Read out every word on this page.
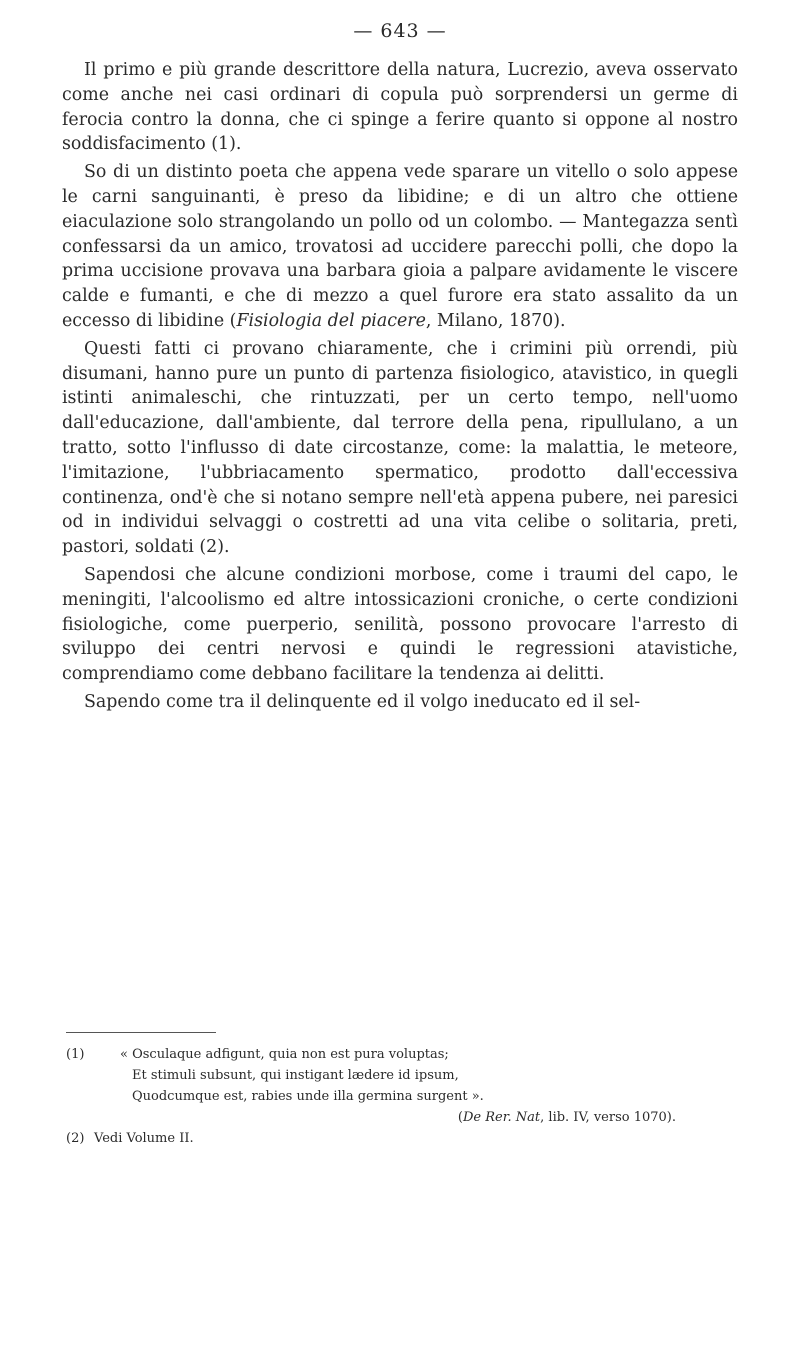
— 643 —

Il primo e più grande descrittore della natura, Lucrezio, aveva osservato come anche nei casi ordinari di copula può sorprendersi un germe di ferocia contro la donna, che ci spinge a ferire quanto si oppone al nostro soddisfacimento (1).

So di un distinto poeta che appena vede sparare un vitello o solo appese le carni sanguinanti, è preso da libidine; e di un altro che ottiene eiaculazione solo strangolando un pollo od un colombo. — Mantegazza sentì confessarsi da un amico, trovatosi ad uccidere parecchi polli, che dopo la prima uccisione provava una barbara gioia a palpare avidamente le viscere calde e fumanti, e che di mezzo a quel furore era stato assalito da un eccesso di libidine (Fisiologia del piacere, Milano, 1870).

Questi fatti ci provano chiaramente, che i crimini più orrendi, più disumani, hanno pure un punto di partenza fisiologico, atavistico, in quegli istinti animaleschi, che rintuzzati, per un certo tempo, nell'uomo dall'educazione, dall'ambiente, dal terrore della pena, ripullulano, a un tratto, sotto l'influsso di date circostanze, come: la malattia, le meteore, l'imitazione, l'ubbriacamento spermatico, prodotto dall'eccessiva continenza, ond'è che si notano sempre nell'età appena pubere, nei paresici od in individui selvaggi o costretti ad una vita celibe o solitaria, preti, pastori, soldati (2).

Sapendosi che alcune condizioni morbose, come i traumi del capo, le meningiti, l'alcoolismo ed altre intossicazioni croniche, o certe condizioni fisiologiche, come puerperio, senilità, possono provocare l'arresto di sviluppo dei centri nervosi e quindi le regressioni atavistiche, comprendiamo come debbano facilitare la tendenza ai delitti.

Sapendo come tra il delinquente ed il volgo ineducato ed il sel-

(1)	« Osculaque adfigunt, quia non est pura voluptas;
Et stimuli subsunt, qui instigant lædere id ipsum,
Quodcumque est, rabies unde illa germina surgent ».
(De Rer. Nat, lib. IV, verso 1070).
(2) Vedi Volume II.
